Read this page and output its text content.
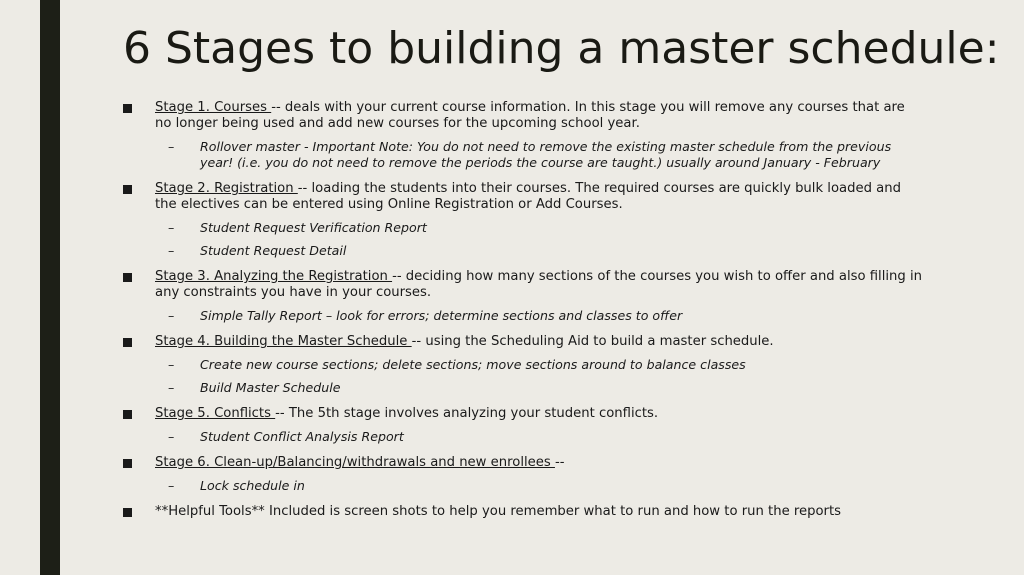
6 Stages to building a master schedule:
Stage 1. Courses -- deals with your current course information. In this stage you will remove any courses that are no longer being used and add new courses for the upcoming school year.
– Rollover master - Important Note: You do not need to remove the existing master schedule from the previous year! (i.e. you do not need to remove the periods the course are taught.) usually around January - February
Stage 2. Registration -- loading the students into their courses. The required courses are quickly bulk loaded and the electives can be entered using Online Registration or Add Courses.
– Student Request Verification Report
– Student Request Detail
Stage 3. Analyzing the Registration -- deciding how many sections of the courses you wish to offer and also filling in any constraints you have in your courses.
– Simple Tally Report – look for errors; determine sections and classes to offer
Stage 4. Building the Master Schedule -- using the Scheduling Aid to build a master schedule.
– Create new course sections; delete sections; move sections around to balance classes
– Build Master Schedule
Stage 5. Conflicts -- The 5th stage involves analyzing your student conflicts.
– Student Conflict Analysis Report
Stage 6. Clean-up/Balancing/withdrawals and new enrollees --
– Lock schedule in
**Helpful Tools** Included is screen shots to help you remember what to run and how to run the reports
